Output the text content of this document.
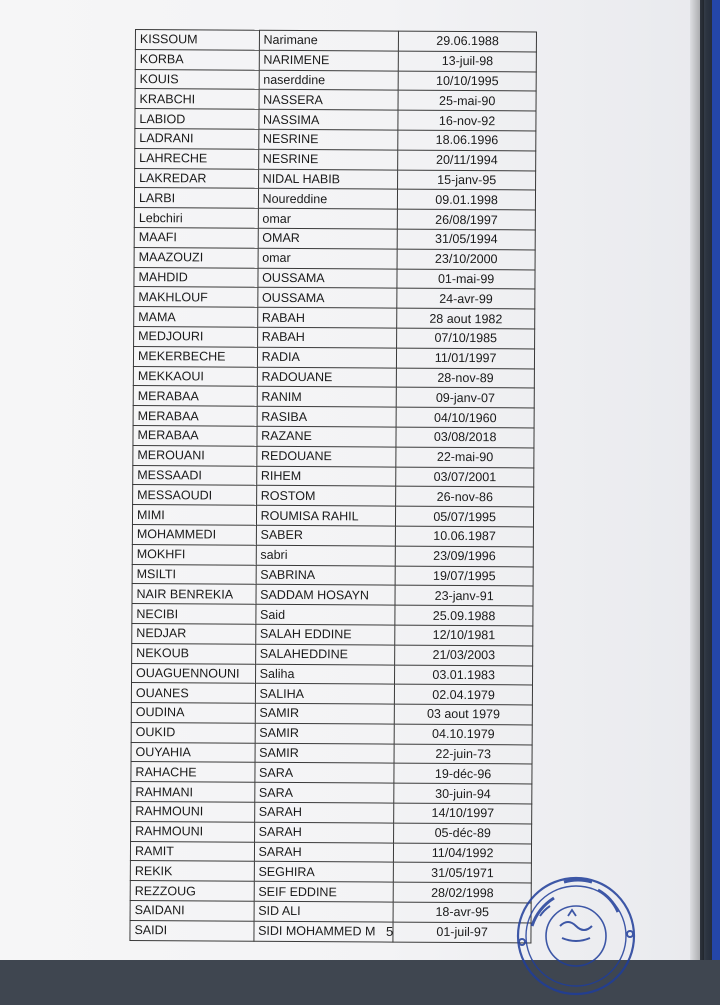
KISSOUM	Narimane	29.06.1988
KORBA	NARIMENE	13-juil-98
KOUIS	naserddine	10/10/1995
KRABCHI	NASSERA	25-mai-90
LABIOD	NASSIMA	16-nov-92
LADRANI	NESRINE	18.06.1996
LAHRECHE	NESRINE	20/11/1994
LAKREDAR	NIDAL HABIB	15-janv-95
LARBI	Noureddine	09.01.1998
Lebchiri	omar	26/08/1997
MAAFI	OMAR	31/05/1994
MAAZOUZI	omar	23/10/2000
MAHDID	OUSSAMA	01-mai-99
MAKHLOUF	OUSSAMA	24-avr-99
MAMA	RABAH	28 aout 1982
MEDJOURI	RABAH	07/10/1985
MEKERBECHE	RADIA	11/01/1997
MEKKAOUI	RADOUANE	28-nov-89
MERABAA	RANIM	09-janv-07
MERABAA	RASIBA	04/10/1960
MERABAA	RAZANE	03/08/2018
MEROUANI	REDOUANE	22-mai-90
MESSAADI	RIHEM	03/07/2001
MESSAOUDI	ROSTOM	26-nov-86
MIMI	ROUMISA RAHIL	05/07/1995
MOHAMMEDI	SABER	10.06.1987
MOKHFI	sabri	23/09/1996
MSILTI	SABRINA	19/07/1995
NAIR BENREKIA	SADDAM HOSAYN	23-janv-91
NECIBI	Said	25.09.1988
NEDJAR	SALAH EDDINE	12/10/1981
NEKOUB	SALAHEDDINE	21/03/2003
OUAGUENNOUNI	Saliha	03.01.1983
OUANES	SALIHA	02.04.1979
OUDINA	SAMIR	03 aout 1979
OUKID	SAMIR	04.10.1979
OUYAHIA	SAMIR	22-juin-73
RAHACHE	SARA	19-déc-96
RAHMANI	SARA	30-juin-94
RAHMOUNI	SARAH	14/10/1997
RAHMOUNI	SARAH	05-déc-89
RAMIT	SARAH	11/04/1992
REKIK	SEGHIRA	31/05/1971
REZZOUG	SEIF EDDINE	28/02/1998
SAIDANI	SID ALI	18-avr-95
SAIDI	SIDI MOHAMMED M	01-juil-97
5
